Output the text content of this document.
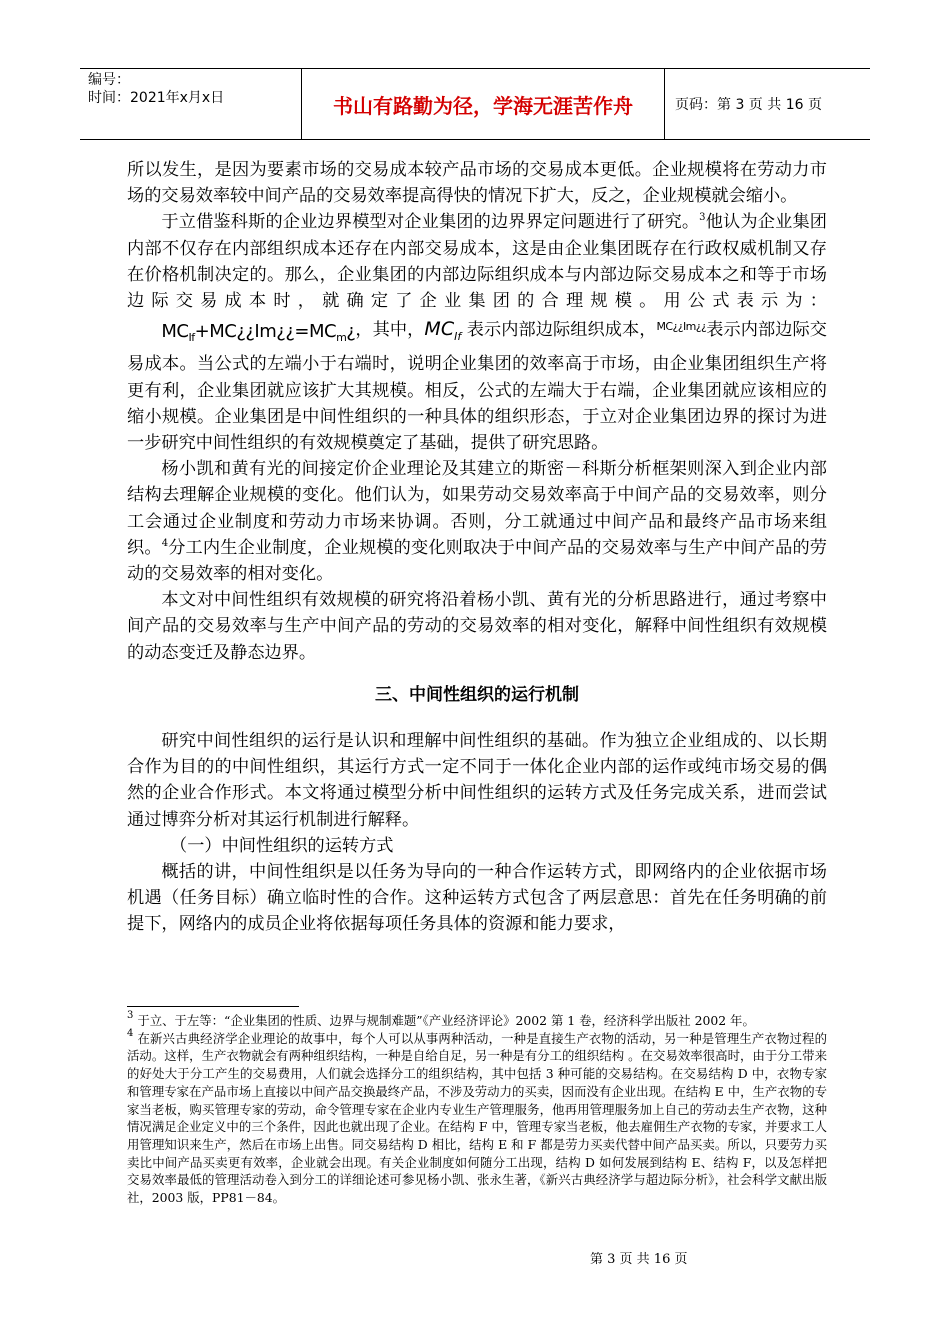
编号：
时间：2021年x月x日	书山有路勤为径，学海无涯苦作舟	页码：第 3 页 共 16 页

所以发生，是因为要素市场的交易成本较产品市场的交易成本更低。企业规模将在劳动力市场的交易效率较中间产品的交易效率提高得快的情况下扩大，反之，企业规模就会缩小。

于立借鉴科斯的企业边界模型对企业集团的边界界定问题进行了研究。$^3$他认为企业集团内部不仅存在内部组织成本还存在内部交易成本，这是由企业集团既存在行政权威机制又存在价格机制决定的。那么，企业集团的内部边际组织成本与内部边际交易成本之和等于市场边际交易成本时，就确定了企业集团的合理规模。用公式表示为：$MC_{If}+MC¿¿Im¿¿=MC_m¿$，其中，$MC_{If}$ 表示内部边际组织成本，$^{MC¿¿Im¿¿}$表示内部边际交易成本。当公式的左端小于右端时，说明企业集团的效率高于市场，由企业集团组织生产将更有利，企业集团就应该扩大其规模。相反，公式的左端大于右端，企业集团就应该相应的缩小规模。企业集团是中间性组织的一种具体的组织形态，于立对企业集团边界的探讨为进一步研究中间性组织的有效规模奠定了基础，提供了研究思路。

杨小凯和黄有光的间接定价企业理论及其建立的斯密－科斯分析框架则深入到企业内部结构去理解企业规模的变化。他们认为，如果劳动交易效率高于中间产品的交易效率，则分工会通过企业制度和劳动力市场来协调。否则，分工就通过中间产品和最终产品市场来组织。$^4$分工内生企业制度，企业规模的变化则取决于中间产品的交易效率与生产中间产品的劳动的交易效率的相对变化。

本文对中间性组织有效规模的研究将沿着杨小凯、黄有光的分析思路进行，通过考察中间产品的交易效率与生产中间产品的劳动的交易效率的相对变化，解释中间性组织有效规模的动态变迁及静态边界。

三、中间性组织的运行机制

研究中间性组织的运行是认识和理解中间性组织的基础。作为独立企业组成的、以长期合作为目的的中间性组织，其运行方式一定不同于一体化企业内部的运作或纯市场交易的偶然的企业合作形式。本文将通过模型分析中间性组织的运转方式及任务完成关系，进而尝试通过博弈分析对其运行机制进行解释。

（一）中间性组织的运转方式

概括的讲，中间性组织是以任务为导向的一种合作运转方式，即网络内的企业依据市场机遇（任务目标）确立临时性的合作。这种运转方式包含了两层意思：首先在任务明确的前提下，网络内的成员企业将依据每项任务具体的资源和能力要求，

$^3$ 于立、于左等：“企业集团的性质、边界与规制难题”《产业经济评论》2002 第 1 卷，经济科学出版社 2002 年。

$^4$ 在新兴古典经济学企业理论的故事中，每个人可以从事两种活动，一种是直接生产衣物的活动，另一种是管理生产衣物过程的活动。这样，生产衣物就会有两种组织结构，一种是自给自足，另一种是有分工的组织结构 。在交易效率很高时，由于分工带来的好处大于分工产生的交易费用，人们就会选择分工的组织结构，其中包括 3 种可能的交易结构。在交易结构 D 中，衣物专家和管理专家在产品市场上直接以中间产品交换最终产品，不涉及劳动力的买卖，因而没有企业出现。在结构 E 中，生产衣物的专家当老板，购买管理专家的劳动，命令管理专家在企业内专业生产管理服务，他再用管理服务加上自己的劳动去生产衣物，这种情况满足企业定义中的三个条件，因此也就出现了企业。在结构 F 中，管理专家当老板，他去雇佣生产衣物的专家，并要求工人用管理知识来生产，然后在市场上出售。同交易结构 D 相比，结构 E 和 F 都是劳力买卖代替中间产品买卖。所以，只要劳力买卖比中间产品买卖更有效率，企业就会出现。有关企业制度如何随分工出现，结构 D 如何发展到结构 E、结构 F，以及怎样把交易效率最低的管理活动卷入到分工的详细论述可参见杨小凯、张永生著，《新兴古典经济学与超边际分析》，社会科学文献出版社，2003 版，PP81－84。

第 3 页 共 16 页
